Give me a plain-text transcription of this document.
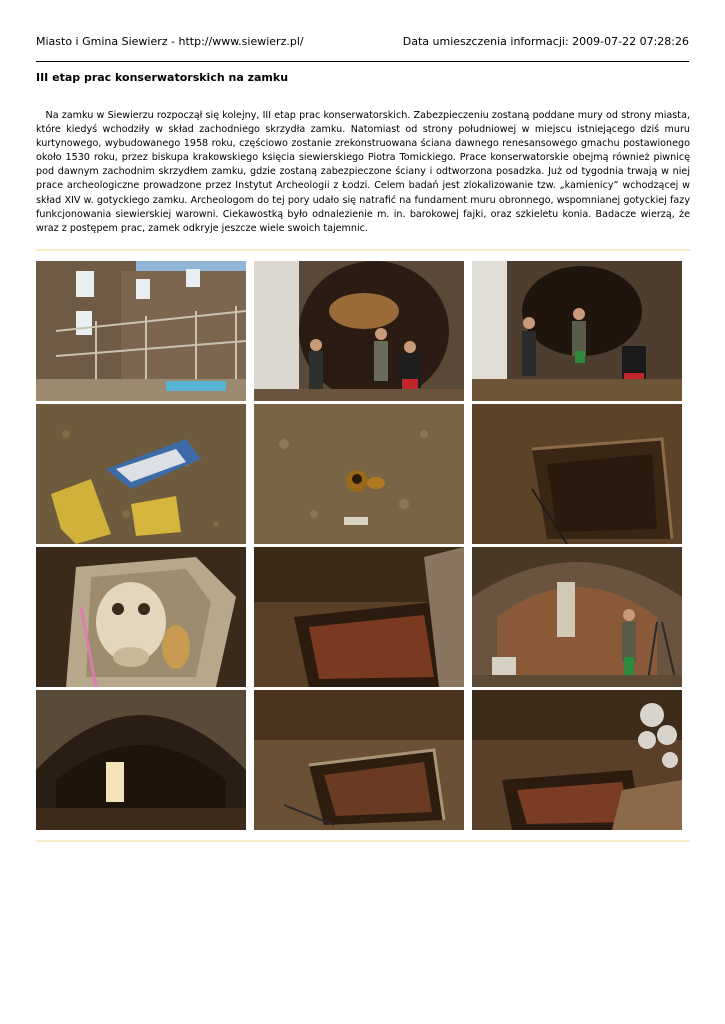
Miasto i Gmina Siewierz - http://www.siewierz.pl/	Data umieszczenia informacji: 2009-07-22 07:28:26
III etap prac konserwatorskich na zamku
Na zamku w Siewierzu rozpoczął się kolejny, III etap prac konserwatorskich. Zabezpieczeniu zostaną poddane mury od strony miasta, które kiedyś wchodziły w skład zachodniego skrzydła zamku. Natomiast od strony południowej w miejscu istniejącego dziś muru kurtynowego, wybudowanego 1958 roku, częściowo zostanie zrekonstruowana ściana dawnego renesansowego gmachu postawionego około 1530 roku, przez biskupa krakowskiego księcia siewierskiego Piotra Tomickiego. Prace konserwatorskie obejmą również piwnicę pod dawnym zachodnim skrzydłem zamku, gdzie zostaną zabezpieczone ściany i odtworzona posadzka. Już od tygodnia trwają w niej prace archeologiczne prowadzone przez Instytut Archeologii z Łodzi. Celem badań jest zlokalizowanie tzw. „kamienicy” wchodzącej w skład XIV w. gotyckiego zamku. Archeologom do tej pory udało się natrafić na fundament muru obronnego, wspomnianej gotyckiej fazy funkcjonowania siewierskiej warowni. Ciekawostką było odnalezienie m. in. barokowej fajki, oraz szkieletu konia. Badacze wierzą, że wraz z postępem prac, zamek odkryje jeszcze wiele swoich tajemnic.
